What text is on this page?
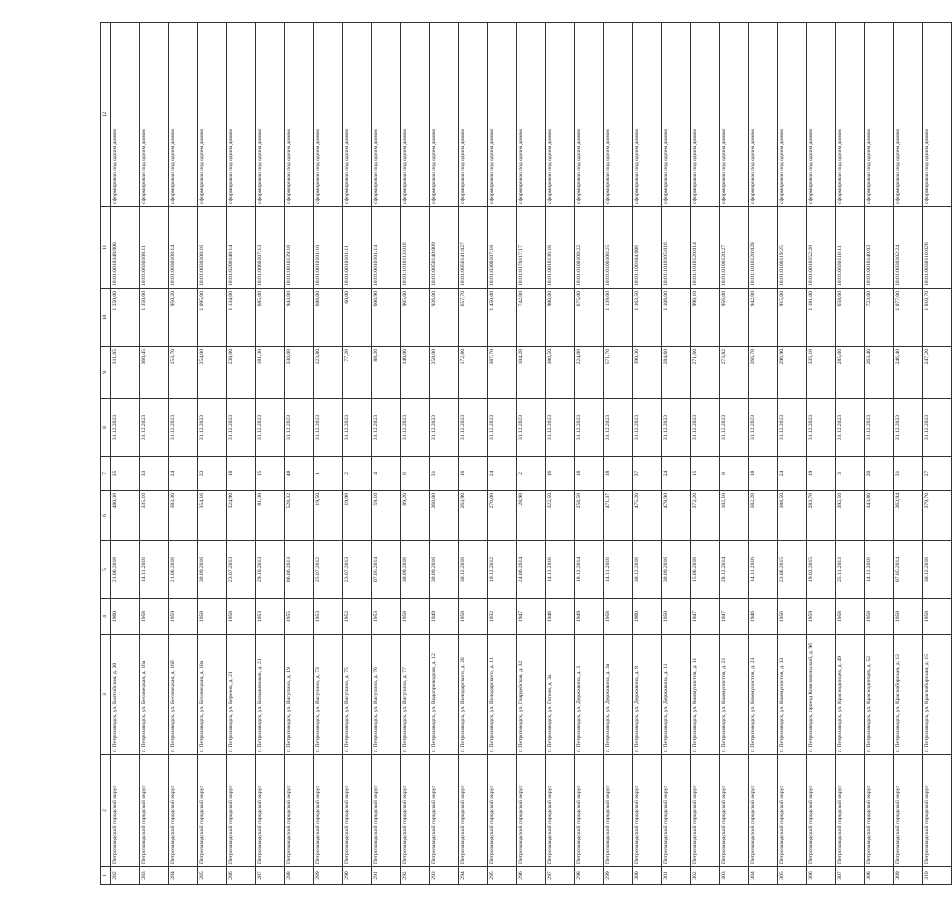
1	2	3	4	5	6	7	8	9	10	11	12
282	Петрозаводский городской округ	г. Петрозаводск, ул. Балтийская, д. 30	1960	21.06.2016	480,30	35	31.12.2023	311,85	1 250,00	10:01:0010348:008	сформирован под одним домом
283	Петрозаводский городской округ	г. Петрозаводск, ул. Бесовецкая, д. 16а	1958	14.11.2016	335,10	33	31.12.2023	360,45	1 350,00	10:01:0030108:11	сформирован под одним домом
284	Петрозаводский городской округ	г. Петрозаводск, ул. Бесовецкая, д. 16б	1959	21.06.2016	383,30	24	31.12.2023	253,70	950,20	10:01:0030108:14	сформирован под одним домом
285	Петрозаводский городской округ	г. Петрозаводск, ул. Бесовецкая, д. 18а	1958	30.09.2016	354,16	23	31.12.2023	254,00	1 095,00	10:01:0030108:16	сформирован под одним домом
286	Петрозаводский городской округ	г. Петрозаводск, ул. Березов, д. 21	1958	23.07.2013	324,90	18	31.12.2023	238,00	1 134,00	10:01:0200148:14	сформирован под одним домом
287	Петрозаводский городской округ	г. Петрозаводск, ул. Большевиков, д. 21	1953	29.10.2013	81,30	15	31.12.2023	181,30	685,00	10:01:0060107:13	сформирован под одним домом
288	Петрозаводский городской округ	г. Петрозаводск, ул. Вагупина, д. 19	1955	06.06.2013	528,32	48	31.12.2023	330,00	943,00	10:01:0010139:10	сформирован под одним домом
289	Петрозаводский городской округ	г. Петрозаводск, ул. Вагупина, д. 73	1953	25.07.2012	19,50	1	31.12.2023	123,80	688,00	10:01:0010101:10	сформирован под одним домом
290	Петрозаводский городской округ	г. Петрозаводск, ул. Вагупина, д. 75	1952	23.07.2013	19,90	2	31.12.2023	77,20	60,00	10:01:0010101:11	сформирован под одним домом
291	Петрозаводский городской округ	г. Петрозаводск, ул. Вагупина, д. 76	1953	07.05.2014	59,10	4	31.12.2023	88,20	600,90	10:01:0010101:14	сформирован под одним домом
292	Петрозаводский городской округ	г. Петрозаводск, ул. Вагупина, д. 77	1958	30.09.2016	89,20	6	31.12.2023	140,00	905,00	10:01:1010113:016	сформирован под одним домом
293	Петрозаводский городской округ	г. Петрозаводск, ул. Водопроводная, д. 12	1949	30.09.2016	368,00	31	31.12.2023	258,00	926,00	10:01:0050140:009	сформирован под одним домом
294	Петрозаводский городской округ	г. Петрозаводск, ул. Володарского, д. 20	1958	30.12.2016	263,90	16	31.12.2023	172,80	657,70	10:01:0050141:027	сформирован под одним домом
295	Петрозаводский городской округ	г. Петрозаводск, ул. Володарского, д. 11	1932	19.12.2012	276,00	24	31.12.2023	387,70	1 450,00	10:01:0300107:18	сформирован под одним домом
296	Петрозаводский городской округ	г. Петрозаводск, ул. Гвардейская, д. 32	1947	24.06.2014	28,90	2	31.12.2023	104,20	742,00	10:01:0170117:17	сформирован под одним домом
297	Петрозаводский городской округ	г. Петрозаводск, ул. Гоголя, д. 3а	1946	14.11.2016	322,50	16	31.12.2023	380,50	900,00	10:01:0010136:16	сформирован под одним домом
298	Петрозаводский городской округ	г. Петрозаводск, ул. Державина, д. 3	1949	18.12.2014	258,50	18	31.12.2023	224,00	675,00	10:01:0100108:22	сформирован под одним домом
299	Петрозаводский городской округ	г. Петрозаводск, ул. Державина, д. 3а	1958	14.11.2016	471,37	18	31.12.2023	571,70	1 139,00	10:01:0100106:25	сформирован под одним домом
300	Петрозаводский городской округ	г. Петрозаводск, ул. Державина, д. 8	1960	30.12.2016	475,20	37	31.12.2023	390,30	1 163,50	10:01:100104:006	сформирован под одним домом
301	Петрозаводский городской округ	г. Петрозаводск, ул. Державина, д. 11	1950	30.09.2016	478,90	24	31.12.2023	284,60	1 108,00	10:01:1010105:016	сформирован под одним домом
302	Петрозаводский городской округ	г. Петрозаводск, ул. Коммунистов, д. 11	1947	15.06.2016	373,20	15	31.12.2023	271,60	990,10	10:01:1010120:014	сформирован под одним домом
303	Петрозаводский городской округ	г. Петрозаводск, ул. Коммунистов, д. 21	1947	28.12.2014	102,10	8	31.12.2023	273,82	956,00	10:01:0100120:27	сформирован под одним домом
304	Петрозаводский городской округ	г. Петрозаводск, ул. Коммунистов, д. 23	1946	14.11.2016	382,20	18	31.12.2023	266,70	942,00	10:01:1010120:028	сформирован под одним домом
305	Петрозаводский городской округ	г. Петрозаводск, ул. Коммунистов, д. 33	1956	23.06.2015	388,50	24	31.12.2023	296,90	915,00	10:01:0100119:25	сформирован под одним домом
306	Петрозаводский городской округ	г. Петрозаводск, проезд Комсомольский, д. 9б	1959	19.02.2015	283,70	19	31.12.2023	335,10	1 181,00	10:01:0010152:20	сформирован под одним домом
307	Петрозаводский городской округ	г. Петрозаводск, ул. Краснодонцев, д. 49	1958	25.11.2013	392,50	3	31.12.2023	285,00	658,00	10:01:0030110:11	сформирован под одним домом
308	Петрозаводский городской округ	г. Петрозаводск, ул. Краснодонцев, д. 52	1958	14.11.2016	343,80	20	31.12.2023	263,40	723,00	10:01:0010140:03	сформирован под одним домом
309	Петрозаводский городской округ	г. Петрозаводск, ул. Красноборская, д. 12	1958	07.05.2014	363,94	31	31.12.2023	246,40	1 077,00	10:01:0030102:24	сформирован под одним домом
310	Петрозаводский городской округ	г. Петрозаводск, ул. Красноборская, д. 15	1958	30.12.2016	379,70	27	31.12.2023	247,20	1 010,70	10:01:0030110:026	сформирован под одним домом
